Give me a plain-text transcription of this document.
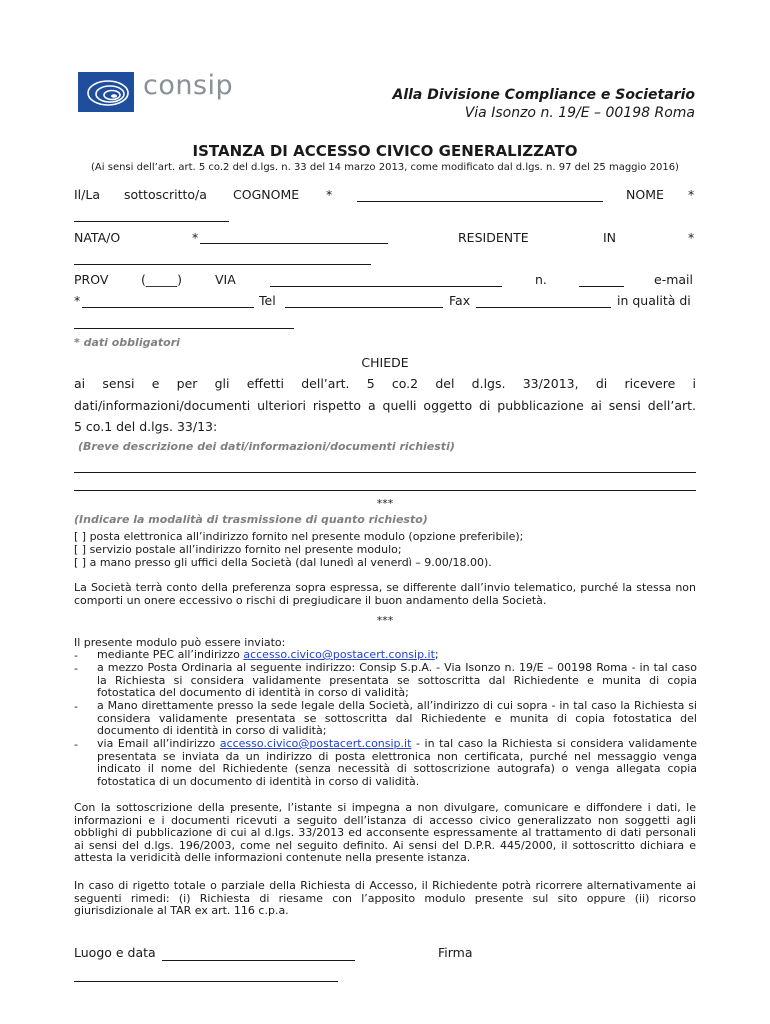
consip	Alla Divisione Compliance e Societario
Via Isonzo n. 19/E – 00198 Roma
ISTANZA DI ACCESSO CIVICO GENERALIZZATO
(Ai sensi dell’art. art. 5 co.2 del d.lgs. n. 33 del 14 marzo 2013, come modificato dal d.lgs. n. 97 del 25 maggio 2016)
Il/La sottoscritto/a COGNOME *	NOME *
NATA/O	*	RESIDENTE	IN	*
PROV	(_____)	VIA	n.	e-mail
*	Tel	Fax	in qualità di
* dati obbligatori
CHIEDE
ai sensi e per gli effetti dell’art. 5 co.2 del d.lgs. 33/2013, di ricevere i
dati/informazioni/documenti ulteriori rispetto a quelli oggetto di pubblicazione ai sensi dell’art.
5 co.1 del d.lgs. 33/13:
(Breve descrizione dei dati/informazioni/documenti richiesti)
***
(Indicare la modalità di trasmissione di quanto richiesto)
[ ] posta elettronica all’indirizzo fornito nel presente modulo (opzione preferibile);
[ ] servizio postale all’indirizzo fornito nel presente modulo;
[ ] a mano presso gli uffici della Società (dal lunedì al venerdì – 9.00/18.00).
La Società terrà conto della preferenza sopra espressa, se differente dall’invio telematico, purché la stessa non comporti un onere eccessivo o rischi di pregiudicare il buon andamento della Società.
***
Il presente modulo può essere inviato:
- mediante PEC all’indirizzo accesso.civico@postacert.consip.it;
- a mezzo Posta Ordinaria al seguente indirizzo: Consip S.p.A. - Via Isonzo n. 19/E – 00198 Roma - in tal caso la Richiesta si considera validamente presentata se sottoscritta dal Richiedente e munita di copia fotostatica del documento di identità in corso di validità;
- a Mano direttamente presso la sede legale della Società, all’indirizzo di cui sopra - in tal caso la Richiesta si considera validamente presentata se sottoscritta dal Richiedente e munita di copia fotostatica del documento di identità in corso di validità;
- via Email all’indirizzo accesso.civico@postacert.consip.it - in tal caso la Richiesta si considera validamente presentata se inviata da un indirizzo di posta elettronica non certificata, purché nel messaggio venga indicato il nome del Richiedente (senza necessità di sottoscrizione autografa) o venga allegata copia fotostatica di un documento di identità in corso di validità.
Con la sottoscrizione della presente, l’istante si impegna a non divulgare, comunicare e diffondere i dati, le informazioni e i documenti ricevuti a seguito dell’istanza di accesso civico generalizzato non soggetti agli obblighi di pubblicazione di cui al d.lgs. 33/2013 ed acconsente espressamente al trattamento di dati personali ai sensi del d.lgs. 196/2003, come nel seguito definito. Ai sensi del D.P.R. 445/2000, il sottoscritto dichiara e attesta la veridicità delle informazioni contenute nella presente istanza.
In caso di rigetto totale o parziale della Richiesta di Accesso, il Richiedente potrà ricorrere alternativamente ai seguenti rimedi: (i) Richiesta di riesame con l’apposito modulo presente sul sito oppure (ii) ricorso giurisdizionale al TAR ex art. 116 c.p.a.
Luogo e data	Firma
